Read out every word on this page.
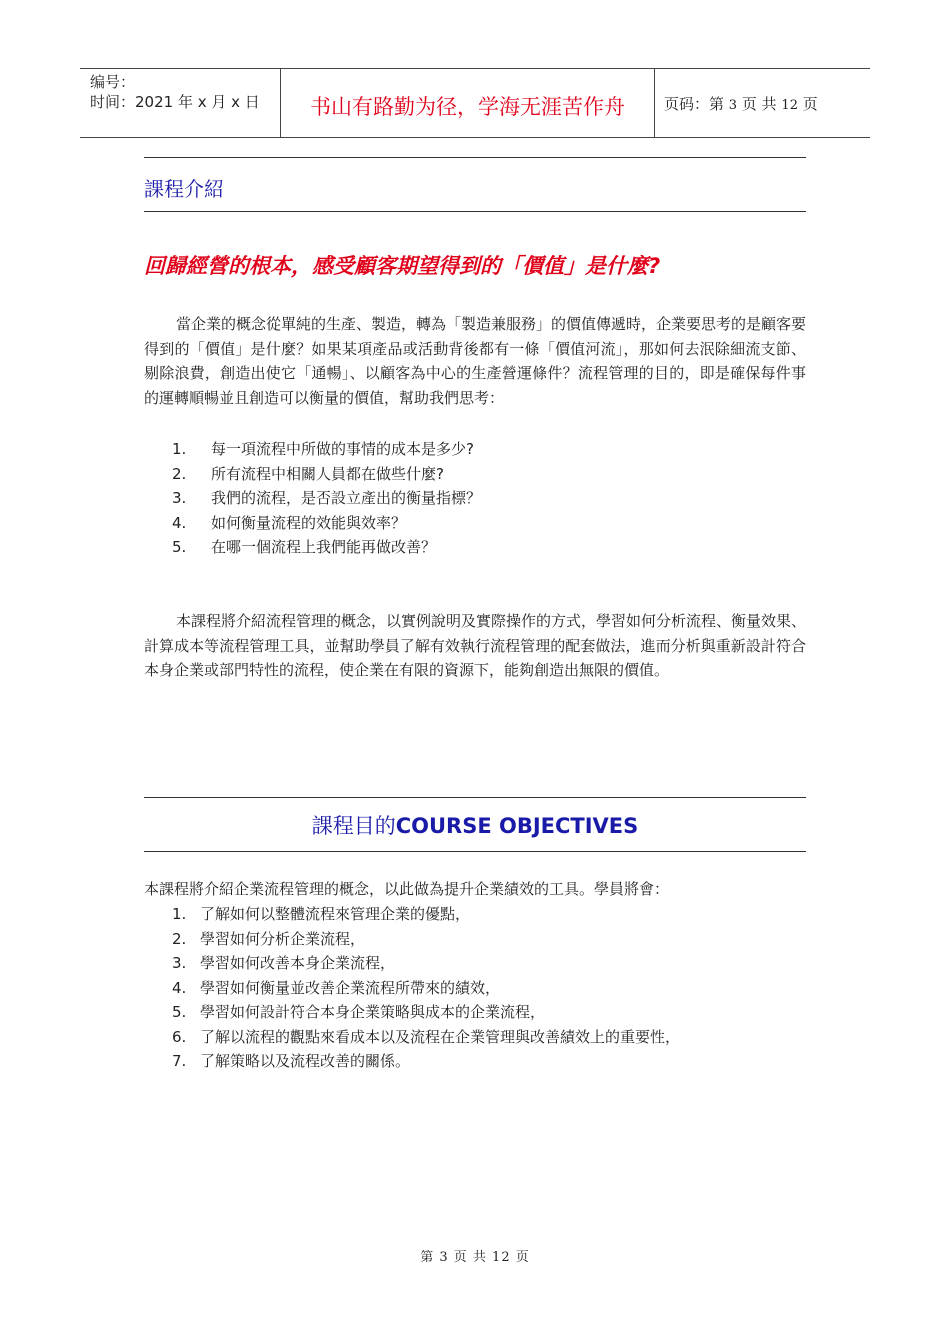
编号：
时间：2021 年 x 月 x 日	书山有路勤为径，学海无涯苦作舟	页码：第 3 页 共 12 页
課程介紹
回歸經營的根本，感受顧客期望得到的「價值」是什麼?

當企業的概念從單純的生產、製造，轉為「製造兼服務」的價值傳遞時，企業要思考的是顧客要得到的「價值」是什麼？如果某項產品或活動背後都有一條「價值河流」，那如何去泯除細流支節、剔除浪費，創造出使它「通暢」、以顧客為中心的生產營運條件？流程管理的目的，即是確保每件事的運轉順暢並且創造可以衡量的價值，幫助我們思考：

1. 每一項流程中所做的事情的成本是多少?
2. 所有流程中相關人員都在做些什麼?
3. 我們的流程，是否設立產出的衡量指標？
4. 如何衡量流程的效能與效率？
5. 在哪一個流程上我們能再做改善？

本課程將介紹流程管理的概念，以實例說明及實際操作的方式，學習如何分析流程、衡量效果、計算成本等流程管理工具，並幫助學員了解有效執行流程管理的配套做法，進而分析與重新設計符合本身企業或部門特性的流程，使企業在有限的資源下，能夠創造出無限的價值。

課程目的COURSE OBJECTIVES
本課程將介紹企業流程管理的概念，以此做為提升企業績效的工具。學員將會：
1. 了解如何以整體流程來管理企業的優點，
2. 學習如何分析企業流程，
3. 學習如何改善本身企業流程，
4. 學習如何衡量並改善企業流程所帶來的績效，
5. 學習如何設計符合本身企業策略與成本的企業流程，
6. 了解以流程的觀點來看成本以及流程在企業管理與改善績效上的重要性，
7. 了解策略以及流程改善的關係。
第 3 页 共 12 页
